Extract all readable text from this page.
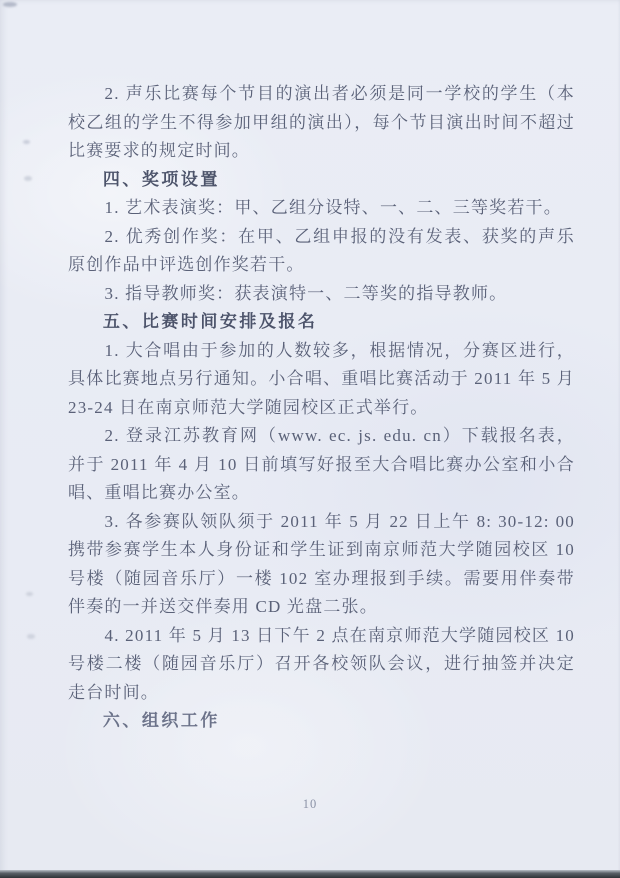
2. 声乐比赛每个节目的演出者必须是同一学校的学生（本校乙组的学生不得参加甲组的演出），每个节目演出时间不超过比赛要求的规定时间。

四、奖项设置

1. 艺术表演奖：甲、乙组分设特、一、二、三等奖若干。

2. 优秀创作奖：在甲、乙组申报的没有发表、获奖的声乐原创作品中评选创作奖若干。

3. 指导教师奖：获表演特一、二等奖的指导教师。

五、比赛时间安排及报名

1. 大合唱由于参加的人数较多，根据情况，分赛区进行，具体比赛地点另行通知。小合唱、重唱比赛活动于 2011 年 5 月 23-24 日在南京师范大学随园校区正式举行。

2. 登录江苏教育网（www. ec. js. edu. cn）下载报名表，并于 2011 年 4 月 10 日前填写好报至大合唱比赛办公室和小合唱、重唱比赛办公室。

3. 各参赛队领队须于 2011 年 5 月 22 日上午 8: 30-12: 00 携带参赛学生本人身份证和学生证到南京师范大学随园校区 10 号楼（随园音乐厅）一楼 102 室办理报到手续。需要用伴奏带伴奏的一并送交伴奏用 CD 光盘二张。

4. 2011 年 5 月 13 日下午 2 点在南京师范大学随园校区 10 号楼二楼（随园音乐厅）召开各校领队会议，进行抽签并决定走台时间。

六、组织工作

10
